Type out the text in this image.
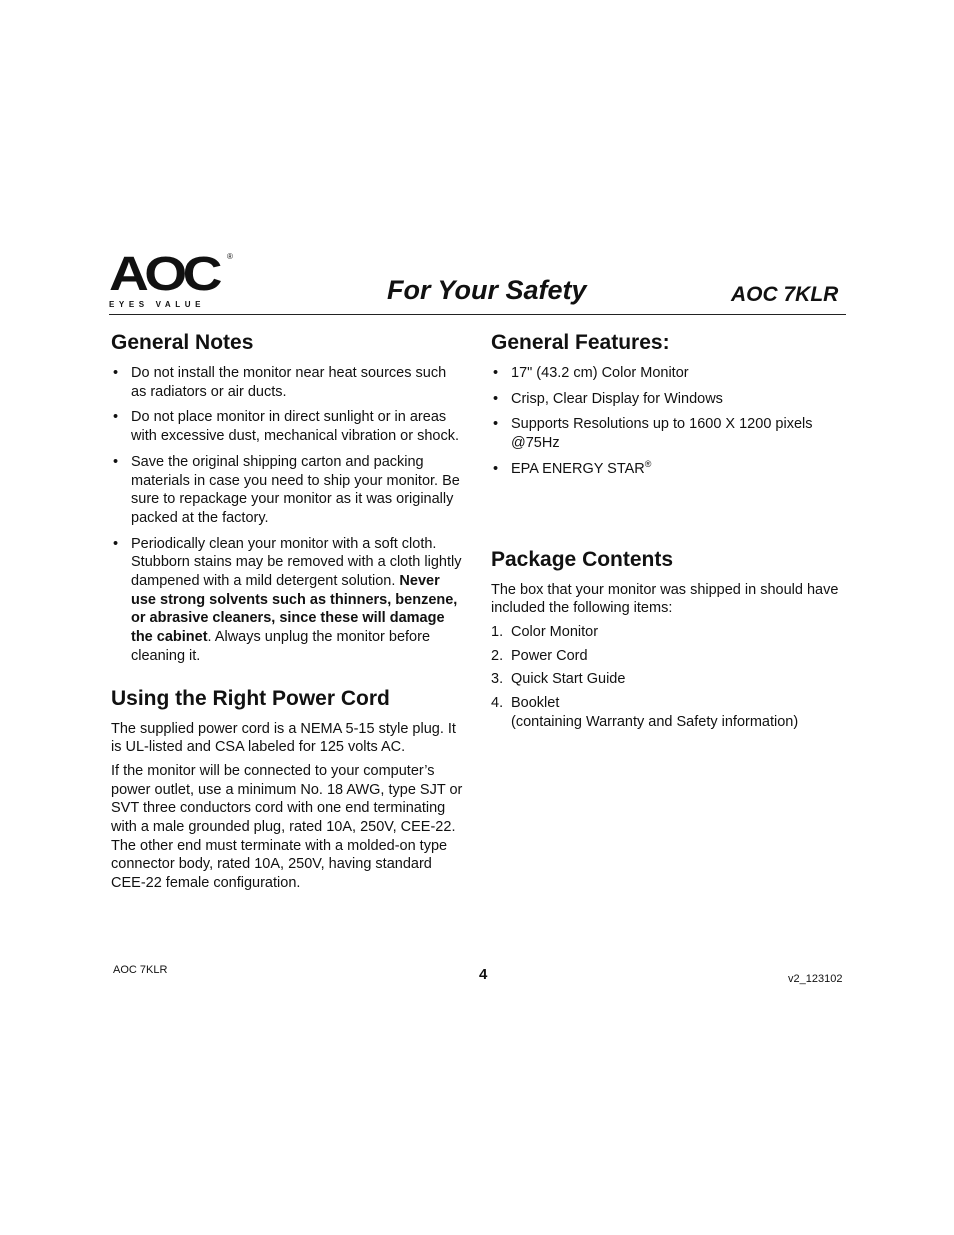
AOC ®
EYES VALUE	For Your Safety	AOC 7KLR
General Notes
• Do not install the monitor near heat sources such as radiators or air ducts.
• Do not place monitor in direct sunlight or in areas with excessive dust, mechanical vibration or shock.
• Save the original shipping carton and packing materials in case you need to ship your monitor. Be sure to repackage your monitor as it was originally packed at the factory.
• Periodically clean your monitor with a soft cloth. Stubborn stains may be removed with a cloth lightly dampened with a mild detergent solution. Never use strong solvents such as thinners, benzene, or abrasive cleaners, since these will damage the cabinet. Always unplug the monitor before cleaning it.
Using the Right Power Cord

The supplied power cord is a NEMA 5-15 style plug. It is UL-listed and CSA labeled for 125 volts AC.

If the monitor will be connected to your computer’s power outlet, use a minimum No. 18 AWG, type SJT or SVT three conductors cord with one end terminating with a male grounded plug, rated 10A, 250V, CEE-22. The other end must terminate with a molded-on type connector body, rated 10A, 250V, having standard CEE-22 female configuration.

General Features:
• 17" (43.2 cm) Color Monitor
• Crisp, Clear Display for Windows
• Supports Resolutions up to 1600 X 1200 pixels @75Hz
• EPA ENERGY STAR®
Package Contents

The box that your monitor was shipped in should have included the following items:

1. Color Monitor
2. Power Cord
3. Quick Start Guide
4. Booklet
(containing Warranty and Safety information)
AOC 7KLR	4	v2_123102
